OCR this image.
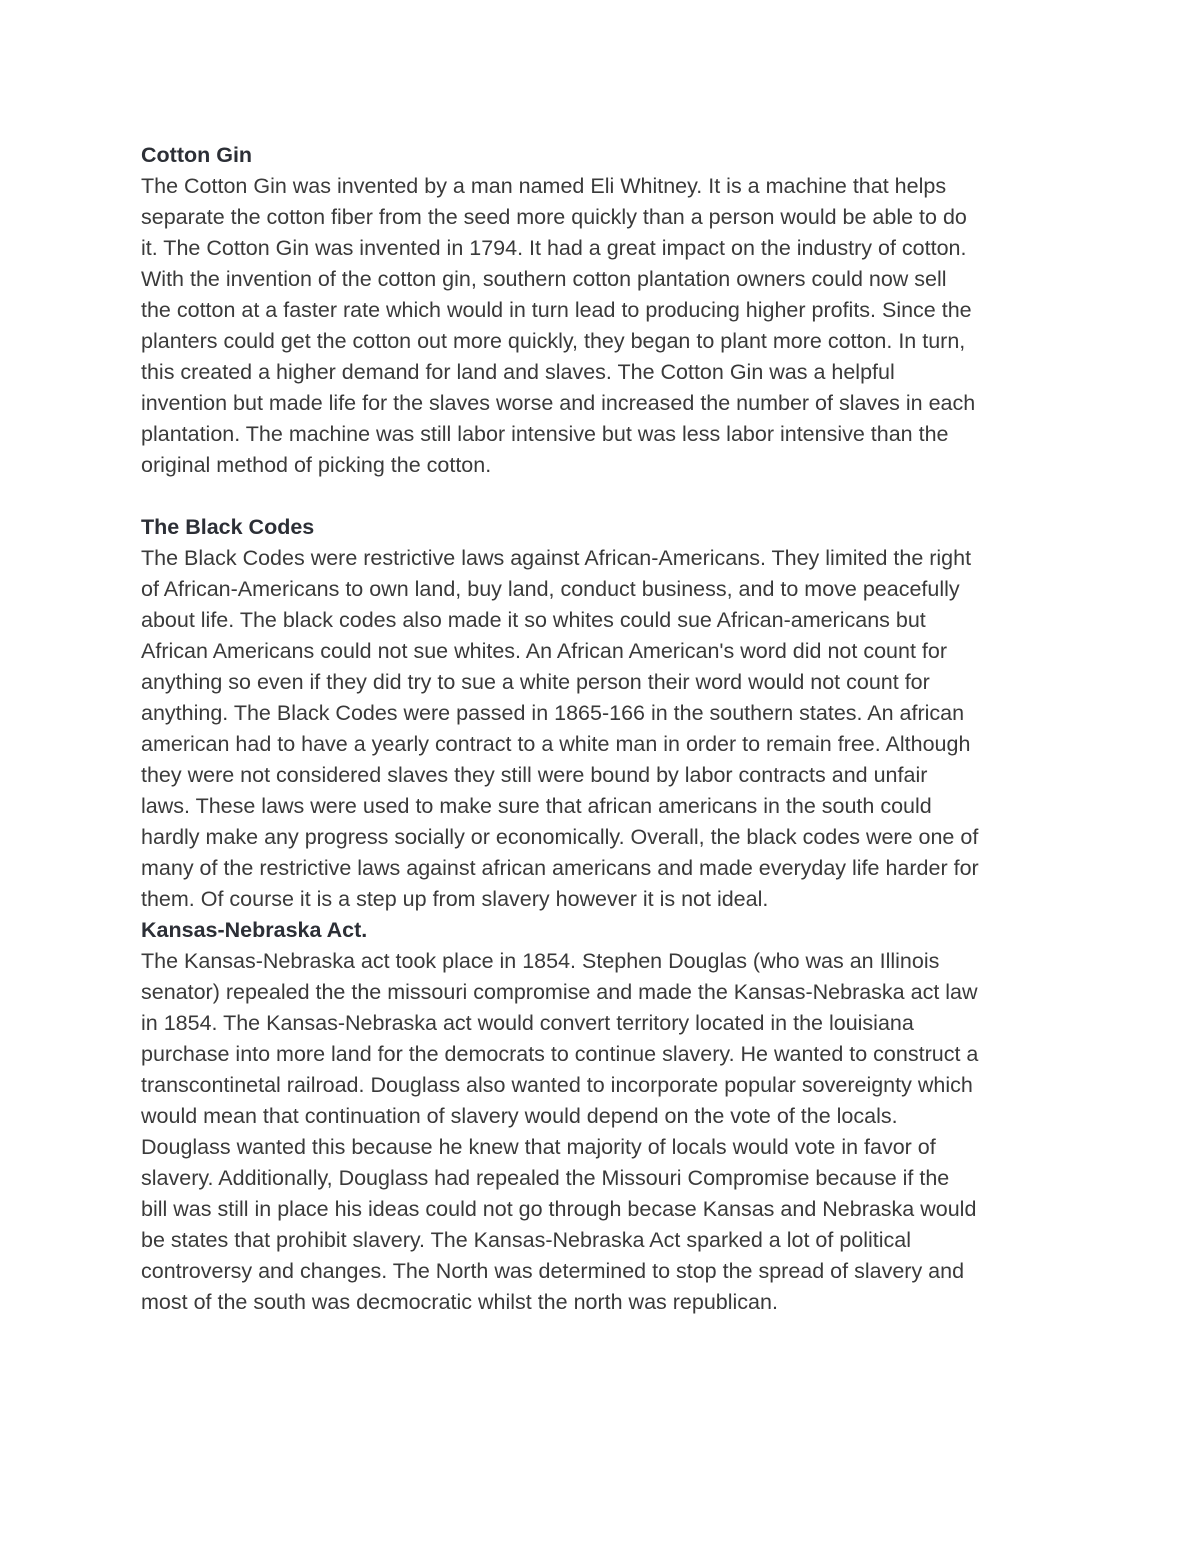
Cotton Gin
The Cotton Gin was invented by a man named Eli Whitney. It is a machine that helps
separate the cotton fiber from the seed more quickly than a person would be able to do
it. The Cotton Gin was invented in 1794. It had a great impact on the industry of cotton.
With the invention of the cotton gin, southern cotton plantation owners could now sell
the cotton at a faster rate which would in turn lead to producing higher profits. Since the
planters could get the cotton out more quickly, they began to plant more cotton. In turn,
this created a higher demand for land and slaves. The Cotton Gin was a helpful
invention but made life for the slaves worse and increased the number of slaves in each
plantation. The machine was still labor intensive but was less labor intensive than the
original method of picking the cotton.
The Black Codes
The Black Codes were restrictive laws against African-Americans. They limited the right
of African-Americans to own land, buy land, conduct business, and to move peacefully
about life. The black codes also made it so whites could sue African-americans but
African Americans could not sue whites. An African American's word did not count for
anything so even if they did try to sue a white person their word would not count for
anything. The Black Codes were passed in 1865-166 in the southern states. An african
american had to have a yearly contract to a white man in order to remain free. Although
they were not considered slaves they still were bound by labor contracts and unfair
laws. These laws were used to make sure that african americans in the south could
hardly make any progress socially or economically. Overall, the black codes were one of
many of the restrictive laws against african americans and made everyday life harder for
them. Of course it is a step up from slavery however it is not ideal.
Kansas-Nebraska Act.
The Kansas-Nebraska act took place in 1854. Stephen Douglas (who was an Illinois
senator) repealed the the missouri compromise and made the Kansas-Nebraska act law
in 1854. The Kansas-Nebraska act would convert territory located in the louisiana
purchase into more land for the democrats to continue slavery. He wanted to construct a
transcontinetal railroad. Douglass also wanted to incorporate popular sovereignty which
would mean that continuation of slavery would depend on the vote of the locals.
Douglass wanted this because he knew that majority of locals would vote in favor of
slavery. Additionally, Douglass had repealed the Missouri Compromise because if the
bill was still in place his ideas could not go through becase Kansas and Nebraska would
be states that prohibit slavery. The Kansas-Nebraska Act sparked a lot of political
controversy and changes. The North was determined to stop the spread of slavery and
most of the south was decmocratic whilst the north was republican.
